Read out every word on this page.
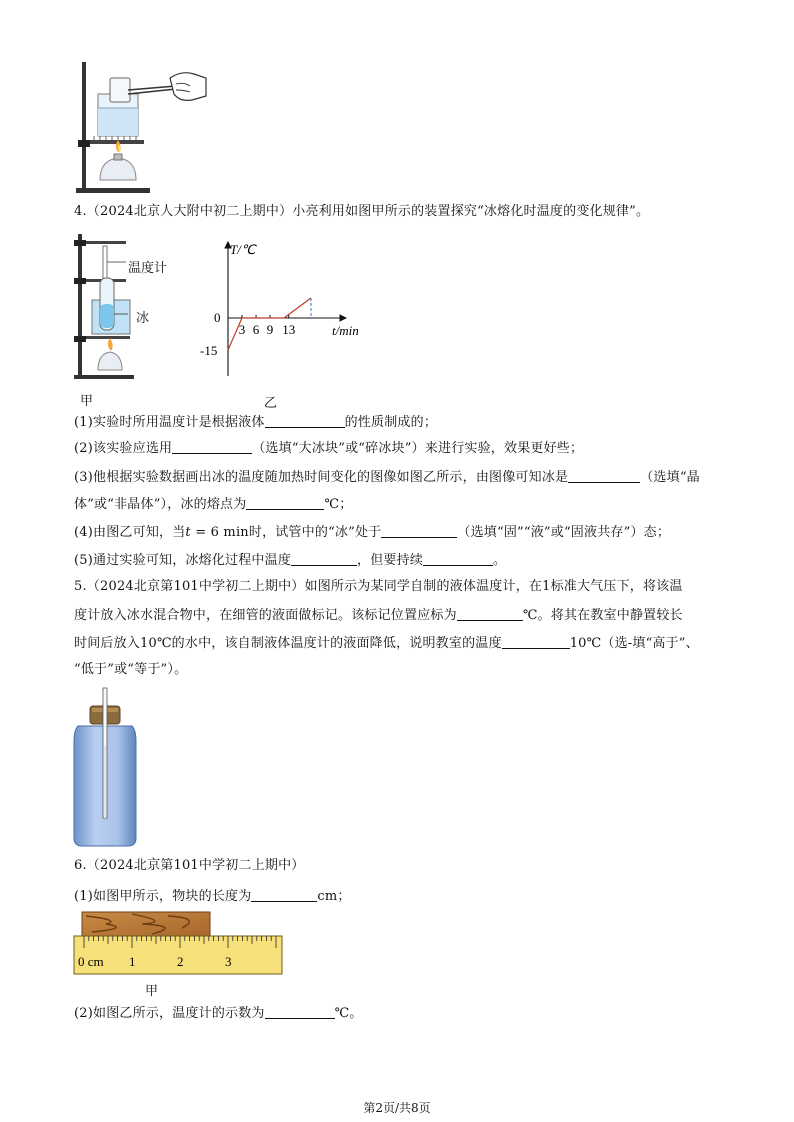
4.（2024北京人大附中初二上期中）小亮利用如图甲所示的装置探究“冰熔化时温度的变化规律”。
温度计
冰
甲
T/℃
t/min
0
-15
3 6 9 13
乙
(1)实验时所用温度计是根据液体	的性质制成的；
(2)该实验应选用	（选填“大冰块”或“碎冰块”）来进行实验，效果更好些；
(3)他根据实验数据画出冰的温度随加热时间变化的图像如图乙所示，由图像可知冰是	（选填“晶
体”或“非晶体”），冰的熔点为	℃；
(4)由图乙可知，当t = 6 min时，试管中的“冰”处于	（选填“固”“液”或“固液共存”）态；
(5)通过实验可知，冰熔化过程中温度	，但要持续	。
5.（2024北京第101中学初二上期中）如图所示为某同学自制的液体温度计，在1标准大气压下，将该温
度计放入冰水混合物中，在细管的液面做标记。该标记位置应标为	℃。将其在教室中静置较长
时间后放入10℃的水中，该自制液体温度计的液面降低，说明教室的温度	10℃（选-填“高于”、
“低于”或“等于”）。
6.（2024北京第101中学初二上期中）
(1)如图甲所示，物块的长度为	cm；
0 cm 1	2	3
甲
(2)如图乙所示，温度计的示数为	℃。
第2页/共8页
